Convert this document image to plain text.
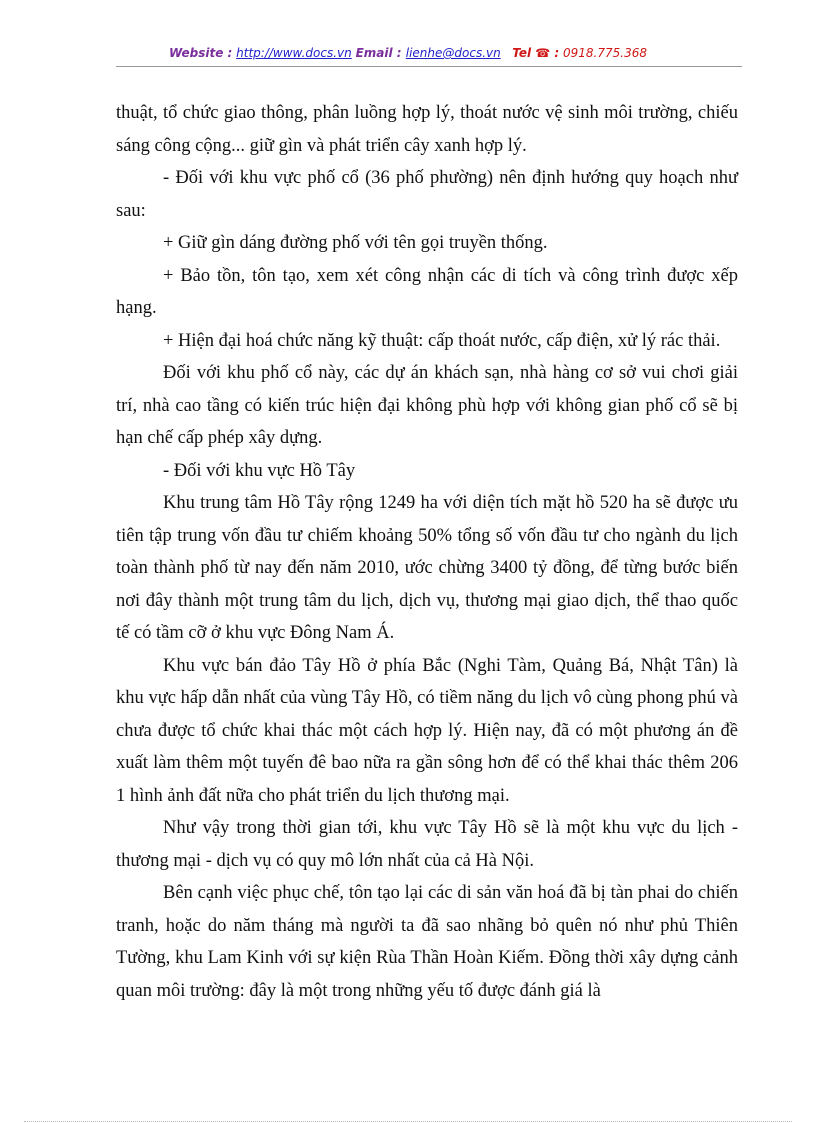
Website : http://www.docs.vn Email : lienhe@docs.vn Tel ☎ : 0918.775.368

thuật, tổ chức giao thông, phân luồng hợp lý, thoát nước vệ sinh môi trường, chiếu sáng công cộng... giữ gìn và phát triển cây xanh hợp lý.

- Đối với khu vực phố cổ (36 phố phường) nên định hướng quy hoạch như sau:

+ Giữ gìn dáng đường phố với tên gọi truyền thống.

+ Bảo tồn, tôn tạo, xem xét công nhận các di tích và công trình được xếp hạng.

+ Hiện đại hoá chức năng kỹ thuật: cấp thoát nước, cấp điện, xử lý rác thải.

Đối với khu phố cổ này, các dự án khách sạn, nhà hàng cơ sở vui chơi giải trí, nhà cao tầng có kiến trúc hiện đại không phù hợp với không gian phố cổ sẽ bị hạn chế cấp phép xây dựng.

- Đối với khu vực Hồ Tây

Khu trung tâm Hồ Tây rộng 1249 ha với diện tích mặt hồ 520 ha sẽ được ưu tiên tập trung vốn đầu tư chiếm khoảng 50% tổng số vốn đầu tư cho ngành du lịch toàn thành phố từ nay đến năm 2010, ước chừng 3400 tỷ đồng, để từng bước biến nơi đây thành một trung tâm du lịch, dịch vụ, thương mại giao dịch, thể thao quốc tế có tầm cỡ ở khu vực Đông Nam Á.

Khu vực bán đảo Tây Hồ ở phía Bắc (Nghi Tàm, Quảng Bá, Nhật Tân) là khu vực hấp dẫn nhất của vùng Tây Hồ, có tiềm năng du lịch vô cùng phong phú và chưa được tổ chức khai thác một cách hợp lý. Hiện nay, đã có một phương án đề xuất làm thêm một tuyến đê bao nữa ra gần sông hơn để có thể khai thác thêm 206 1 hình ảnh đất nữa cho phát triển du lịch thương mại.

Như vậy trong thời gian tới, khu vực Tây Hồ sẽ là một khu vực du lịch - thương mại - dịch vụ có quy mô lớn nhất của cả Hà Nội.

Bên cạnh việc phục chế, tôn tạo lại các di sản văn hoá đã bị tàn phai do chiến tranh, hoặc do năm tháng mà người ta đã sao nhãng bỏ quên nó như phủ Thiên Tường, khu Lam Kinh với sự kiện Rùa Thần Hoàn Kiếm. Đồng thời xây dựng cảnh quan môi trường: đây là một trong những yếu tố được đánh giá là
